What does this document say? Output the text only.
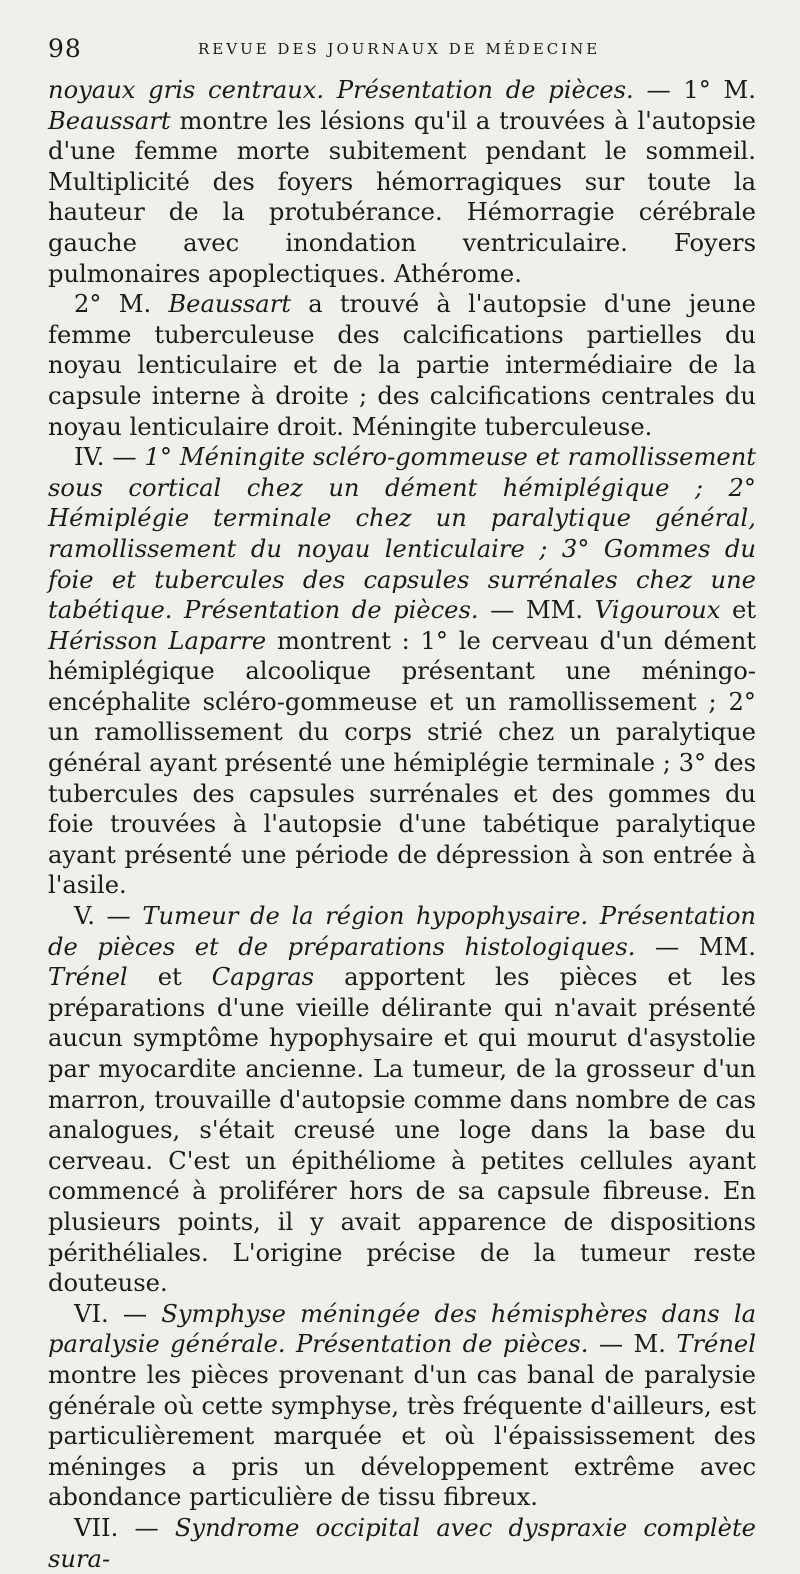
98	REVUE DES JOURNAUX DE MÉDECINE

noyaux gris centraux. Présentation de pièces. — 1° M. Beaussart montre les lésions qu'il a trouvées à l'autopsie d'une femme morte subitement pendant le sommeil. Multiplicité des foyers hémorragiques sur toute la hauteur de la protubérance. Hémorragie cérébrale gauche avec inondation ventriculaire. Foyers pulmonaires apoplectiques. Athérome.

2° M. Beaussart a trouvé à l'autopsie d'une jeune femme tuberculeuse des calcifications partielles du noyau lenticulaire et de la partie intermédiaire de la capsule interne à droite ; des calcifications centrales du noyau lenticulaire droit. Méningite tuberculeuse.

IV. — 1° Méningite scléro-gommeuse et ramollissement sous cortical chez un dément hémiplégique ; 2° Hémiplégie terminale chez un paralytique général, ramollissement du noyau lenticulaire ; 3° Gommes du foie et tubercules des capsules surrénales chez une tabétique. Présentation de pièces. — MM. Vigouroux et Hérisson Laparre montrent : 1° le cerveau d'un dément hémiplégique alcoolique présentant une méningo-encéphalite scléro-gommeuse et un ramollissement ; 2° un ramollissement du corps strié chez un paralytique général ayant présenté une hémiplégie terminale ; 3° des tubercules des capsules surrénales et des gommes du foie trouvées à l'autopsie d'une tabétique paralytique ayant présenté une période de dépression à son entrée à l'asile.

V. — Tumeur de la région hypophysaire. Présentation de pièces et de préparations histologiques. — MM. Trénel et Capgras apportent les pièces et les préparations d'une vieille délirante qui n'avait présenté aucun symptôme hypophysaire et qui mourut d'asystolie par myocardite ancienne. La tumeur, de la grosseur d'un marron, trouvaille d'autopsie comme dans nombre de cas analogues, s'était creusé une loge dans la base du cerveau. C'est un épithéliome à petites cellules ayant commencé à proliférer hors de sa capsule fibreuse. En plusieurs points, il y avait apparence de dispositions périthéliales. L'origine précise de la tumeur reste douteuse.

VI. — Symphyse méningée des hémisphères dans la paralysie générale. Présentation de pièces. — M. Trénel montre les pièces provenant d'un cas banal de paralysie générale où cette symphyse, très fréquente d'ailleurs, est particulièrement marquée et où l'épaississement des méninges a pris un développement extrême avec abondance particulière de tissu fibreux.

VII. — Syndrome occipital avec dyspraxie complète sura-
